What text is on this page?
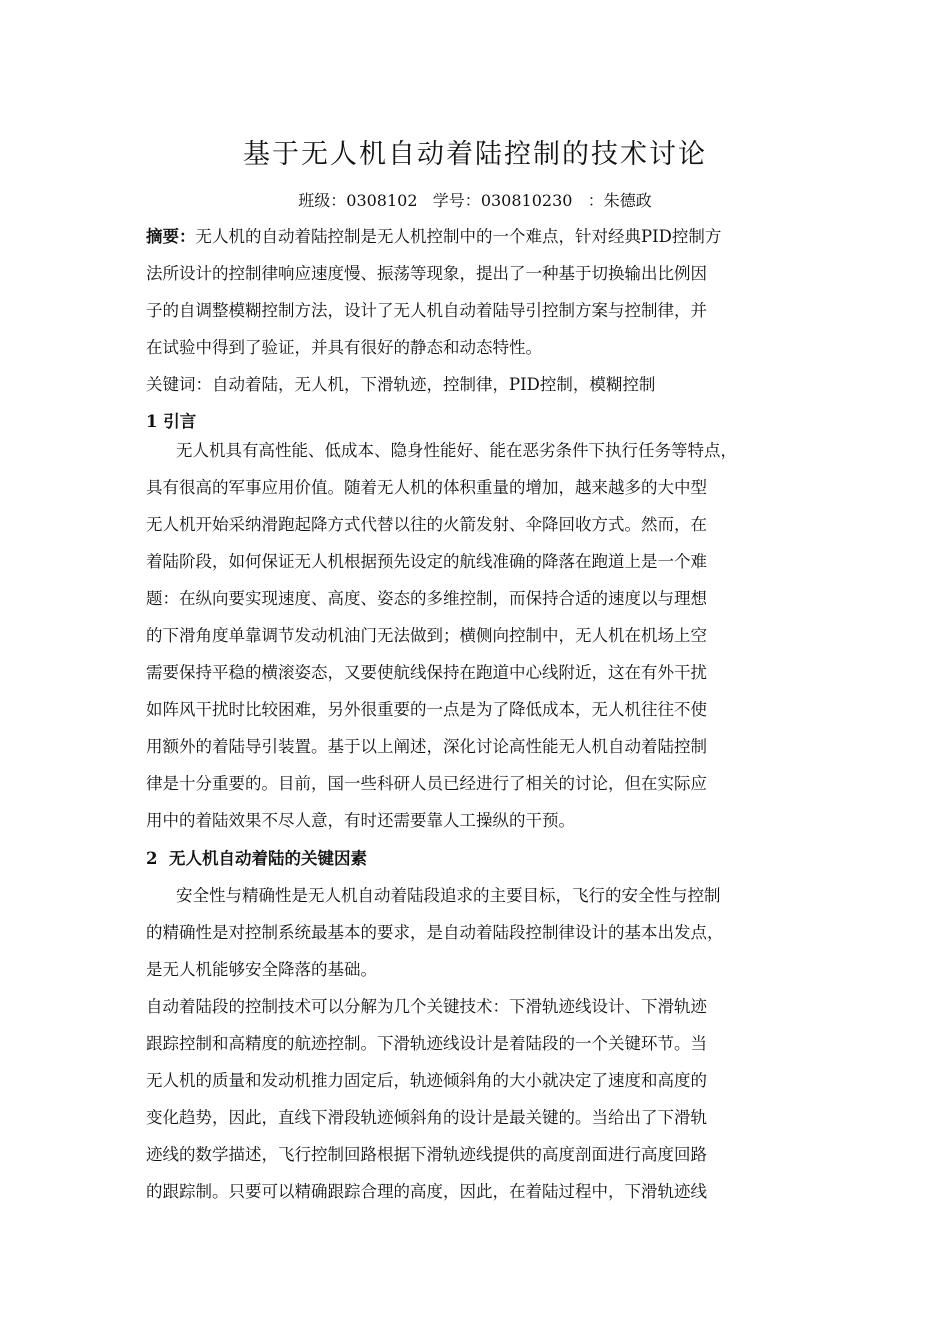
基于无人机自动着陆控制的技术讨论
班级：0308102 学号：030810230 ：朱德政
摘要：无人机的自动着陆控制是无人机控制中的一个难点，针对经典PID控制方
法所设计的控制律响应速度慢、振荡等现象，提出了一种基于切换输出比例因
子的自调整模糊控制方法，设计了无人机自动着陆导引控制方案与控制律，并
在试验中得到了验证，并具有很好的静态和动态特性。
关键词：自动着陆，无人机，下滑轨迹，控制律，PID控制，模糊控制
1 引言
无人机具有高性能、低成本、隐身性能好、能在恶劣条件下执行任务等特点，
具有很高的军事应用价值。随着无人机的体积重量的增加，越来越多的大中型
无人机开始采纳滑跑起降方式代替以往的火箭发射、伞降回收方式。然而，在
着陆阶段，如何保证无人机根据预先设定的航线准确的降落在跑道上是一个难
题：在纵向要实现速度、高度、姿态的多维控制，而保持合适的速度以与理想
的下滑角度单靠调节发动机油门无法做到；横侧向控制中，无人机在机场上空
需要保持平稳的横滚姿态，又要使航线保持在跑道中心线附近，这在有外干扰
如阵风干扰时比较困难，另外很重要的一点是为了降低成本，无人机往往不使
用额外的着陆导引装置。基于以上阐述，深化讨论高性能无人机自动着陆控制
律是十分重要的。目前，国一些科研人员已经进行了相关的讨论，但在实际应
用中的着陆效果不尽人意，有时还需要靠人工操纵的干预。
2  无人机自动着陆的关键因素
安全性与精确性是无人机自动着陆段追求的主要目标，飞行的安全性与控制
的精确性是对控制系统最基本的要求，是自动着陆段控制律设计的基本出发点，
是无人机能够安全降落的基础。
自动着陆段的控制技术可以分解为几个关键技术：下滑轨迹线设计、下滑轨迹
跟踪控制和高精度的航迹控制。下滑轨迹线设计是着陆段的一个关键环节。当
无人机的质量和发动机推力固定后，轨迹倾斜角的大小就决定了速度和高度的
变化趋势，因此，直线下滑段轨迹倾斜角的设计是最关键的。当给出了下滑轨
迹线的数学描述，飞行控制回路根据下滑轨迹线提供的高度剖面进行高度回路
的跟踪制。只要可以精确跟踪合理的高度，因此，在着陆过程中，下滑轨迹线
